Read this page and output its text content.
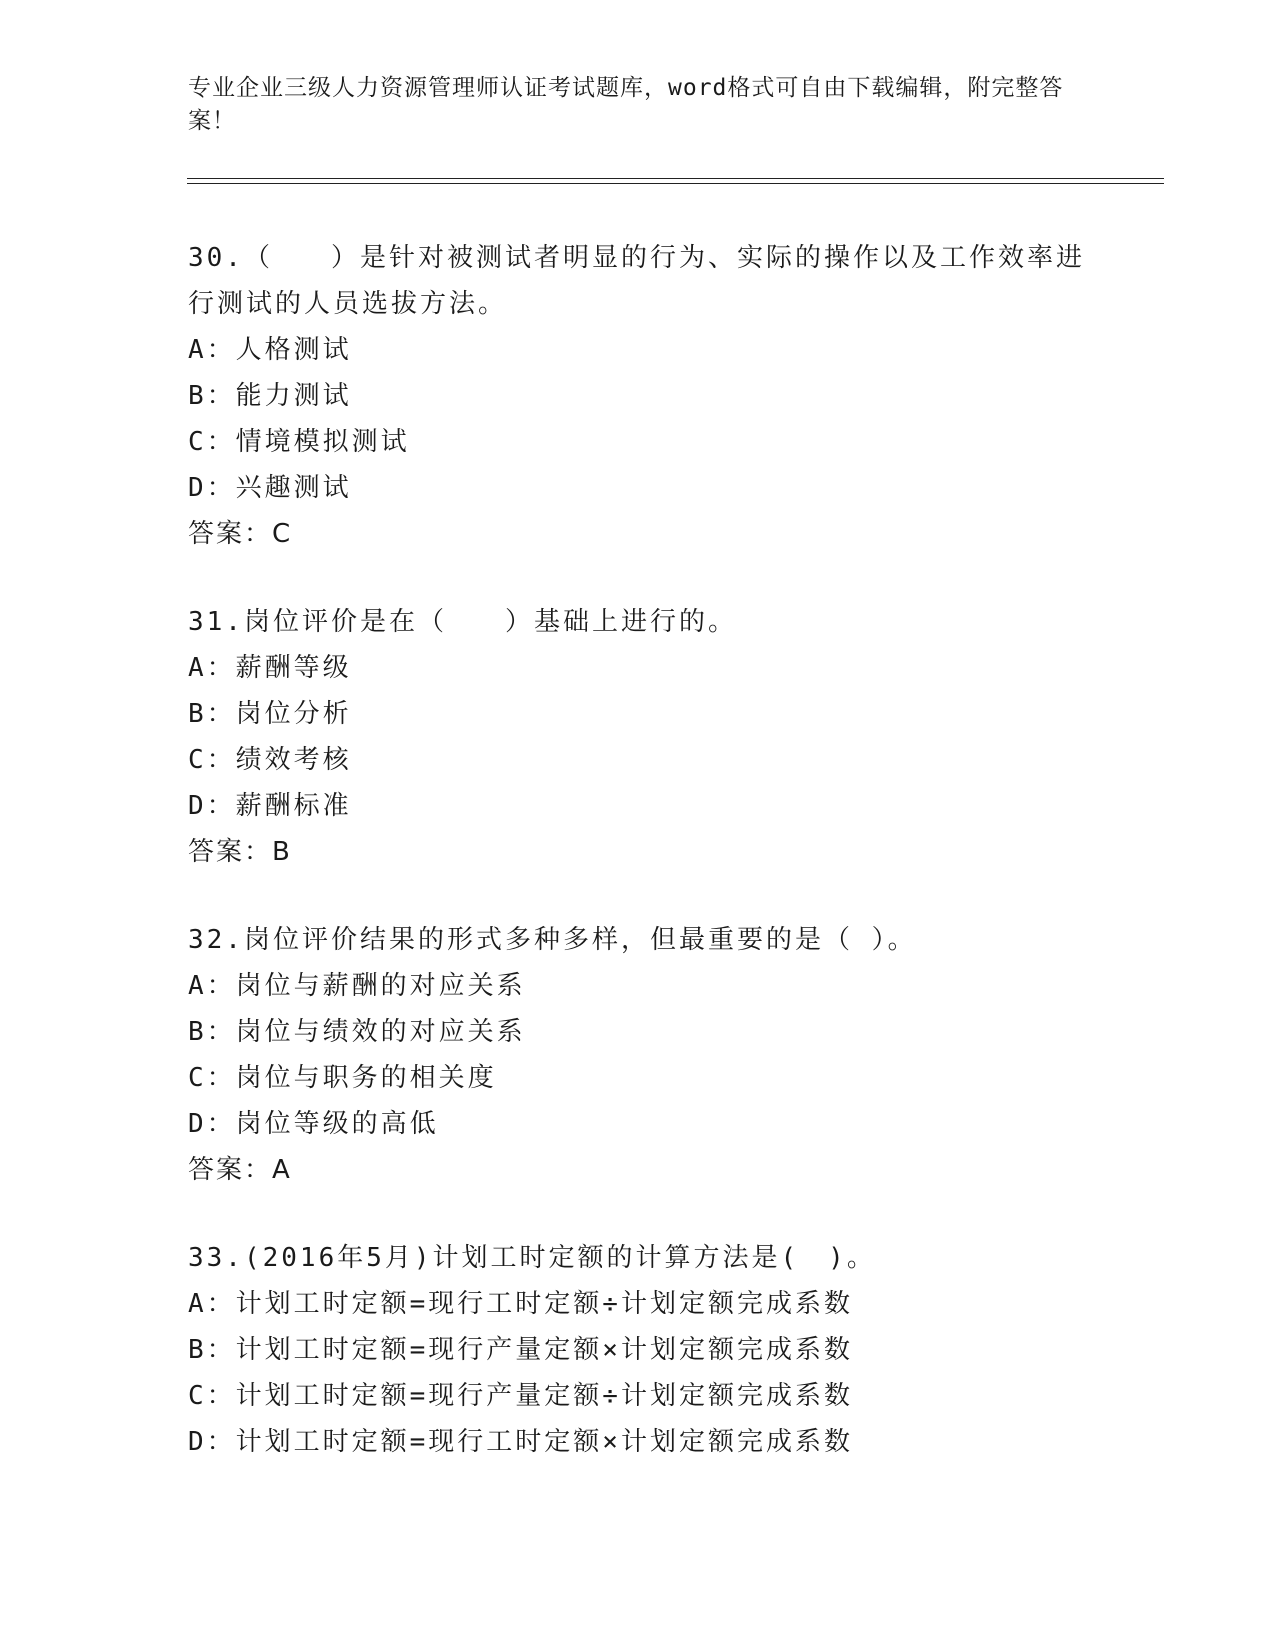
专业企业三级人力资源管理师认证考试题库，word格式可自由下载编辑，附完整答案！
30.（　　）是针对被测试者明显的行为、实际的操作以及工作效率进行测试的人员选拔方法。
A：人格测试
B：能力测试
C：情境模拟测试
D：兴趣测试
答案：C
31.岗位评价是在（　　）基础上进行的。
A：薪酬等级
B：岗位分析
C：绩效考核
D：薪酬标准
答案：B
32.岗位评价结果的形式多种多样，但最重要的是（ ）。
A：岗位与薪酬的对应关系
B：岗位与绩效的对应关系
C：岗位与职务的相关度
D：岗位等级的高低
答案：A
33.(2016年5月)计划工时定额的计算方法是(　)。
A：计划工时定额=现行工时定额÷计划定额完成系数
B：计划工时定额=现行产量定额×计划定额完成系数
C：计划工时定额=现行产量定额÷计划定额完成系数
D：计划工时定额=现行工时定额×计划定额完成系数
